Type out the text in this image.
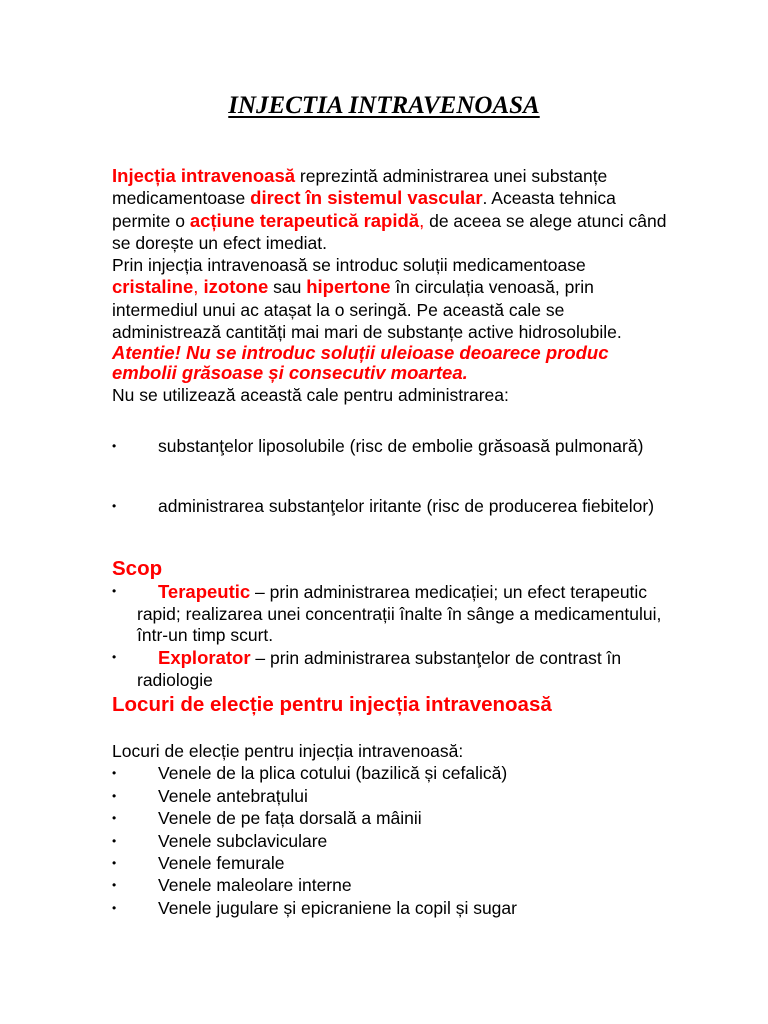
INJECTIA INTRAVENOASA

Injecția intravenoasă reprezintă administrarea unei substanțe medicamentoase direct în sistemul vascular. Aceasta tehnica permite o acțiune terapeutică rapidă, de aceea se alege atunci când se dorește un efect imediat.

Prin injecția intravenoasă se introduc soluții medicamentoase cristaline, izotone sau hipertone în circulația venoasă, prin intermediul unui ac atașat la o seringă. Pe această cale se administrează cantități mai mari de substanțe active hidrosolubile.

Atentie! Nu se introduc soluții uleioase deoarece produc embolii grăsoase și consecutiv moartea.

Nu se utilizează această cale pentru administrarea:

•	substanţelor liposolubile (risc de embolie grăsoasă pulmonară)
•	administrarea substanţelor iritante (risc de producerea fiebitelor)
Scop
•	Terapeutic – prin administrarea medicației; un efect terapeutic rapid; realizarea unei concentrații înalte în sânge a medicamentului, într-un timp scurt.
•	Explorator – prin administrarea substanţelor de contrast în radiologie
Locuri de elecție pentru injecția intravenoasă

Locuri de elecție pentru injecția intravenoasă:

•	Venele de la plica cotului (bazilică și cefalică)
•	Venele antebrațului
•	Venele de pe fața dorsală a mâinii
•	Venele subclaviculare
•	Venele femurale
•	Venele maleolare interne
•	Venele jugulare și epicraniene la copil și sugar
